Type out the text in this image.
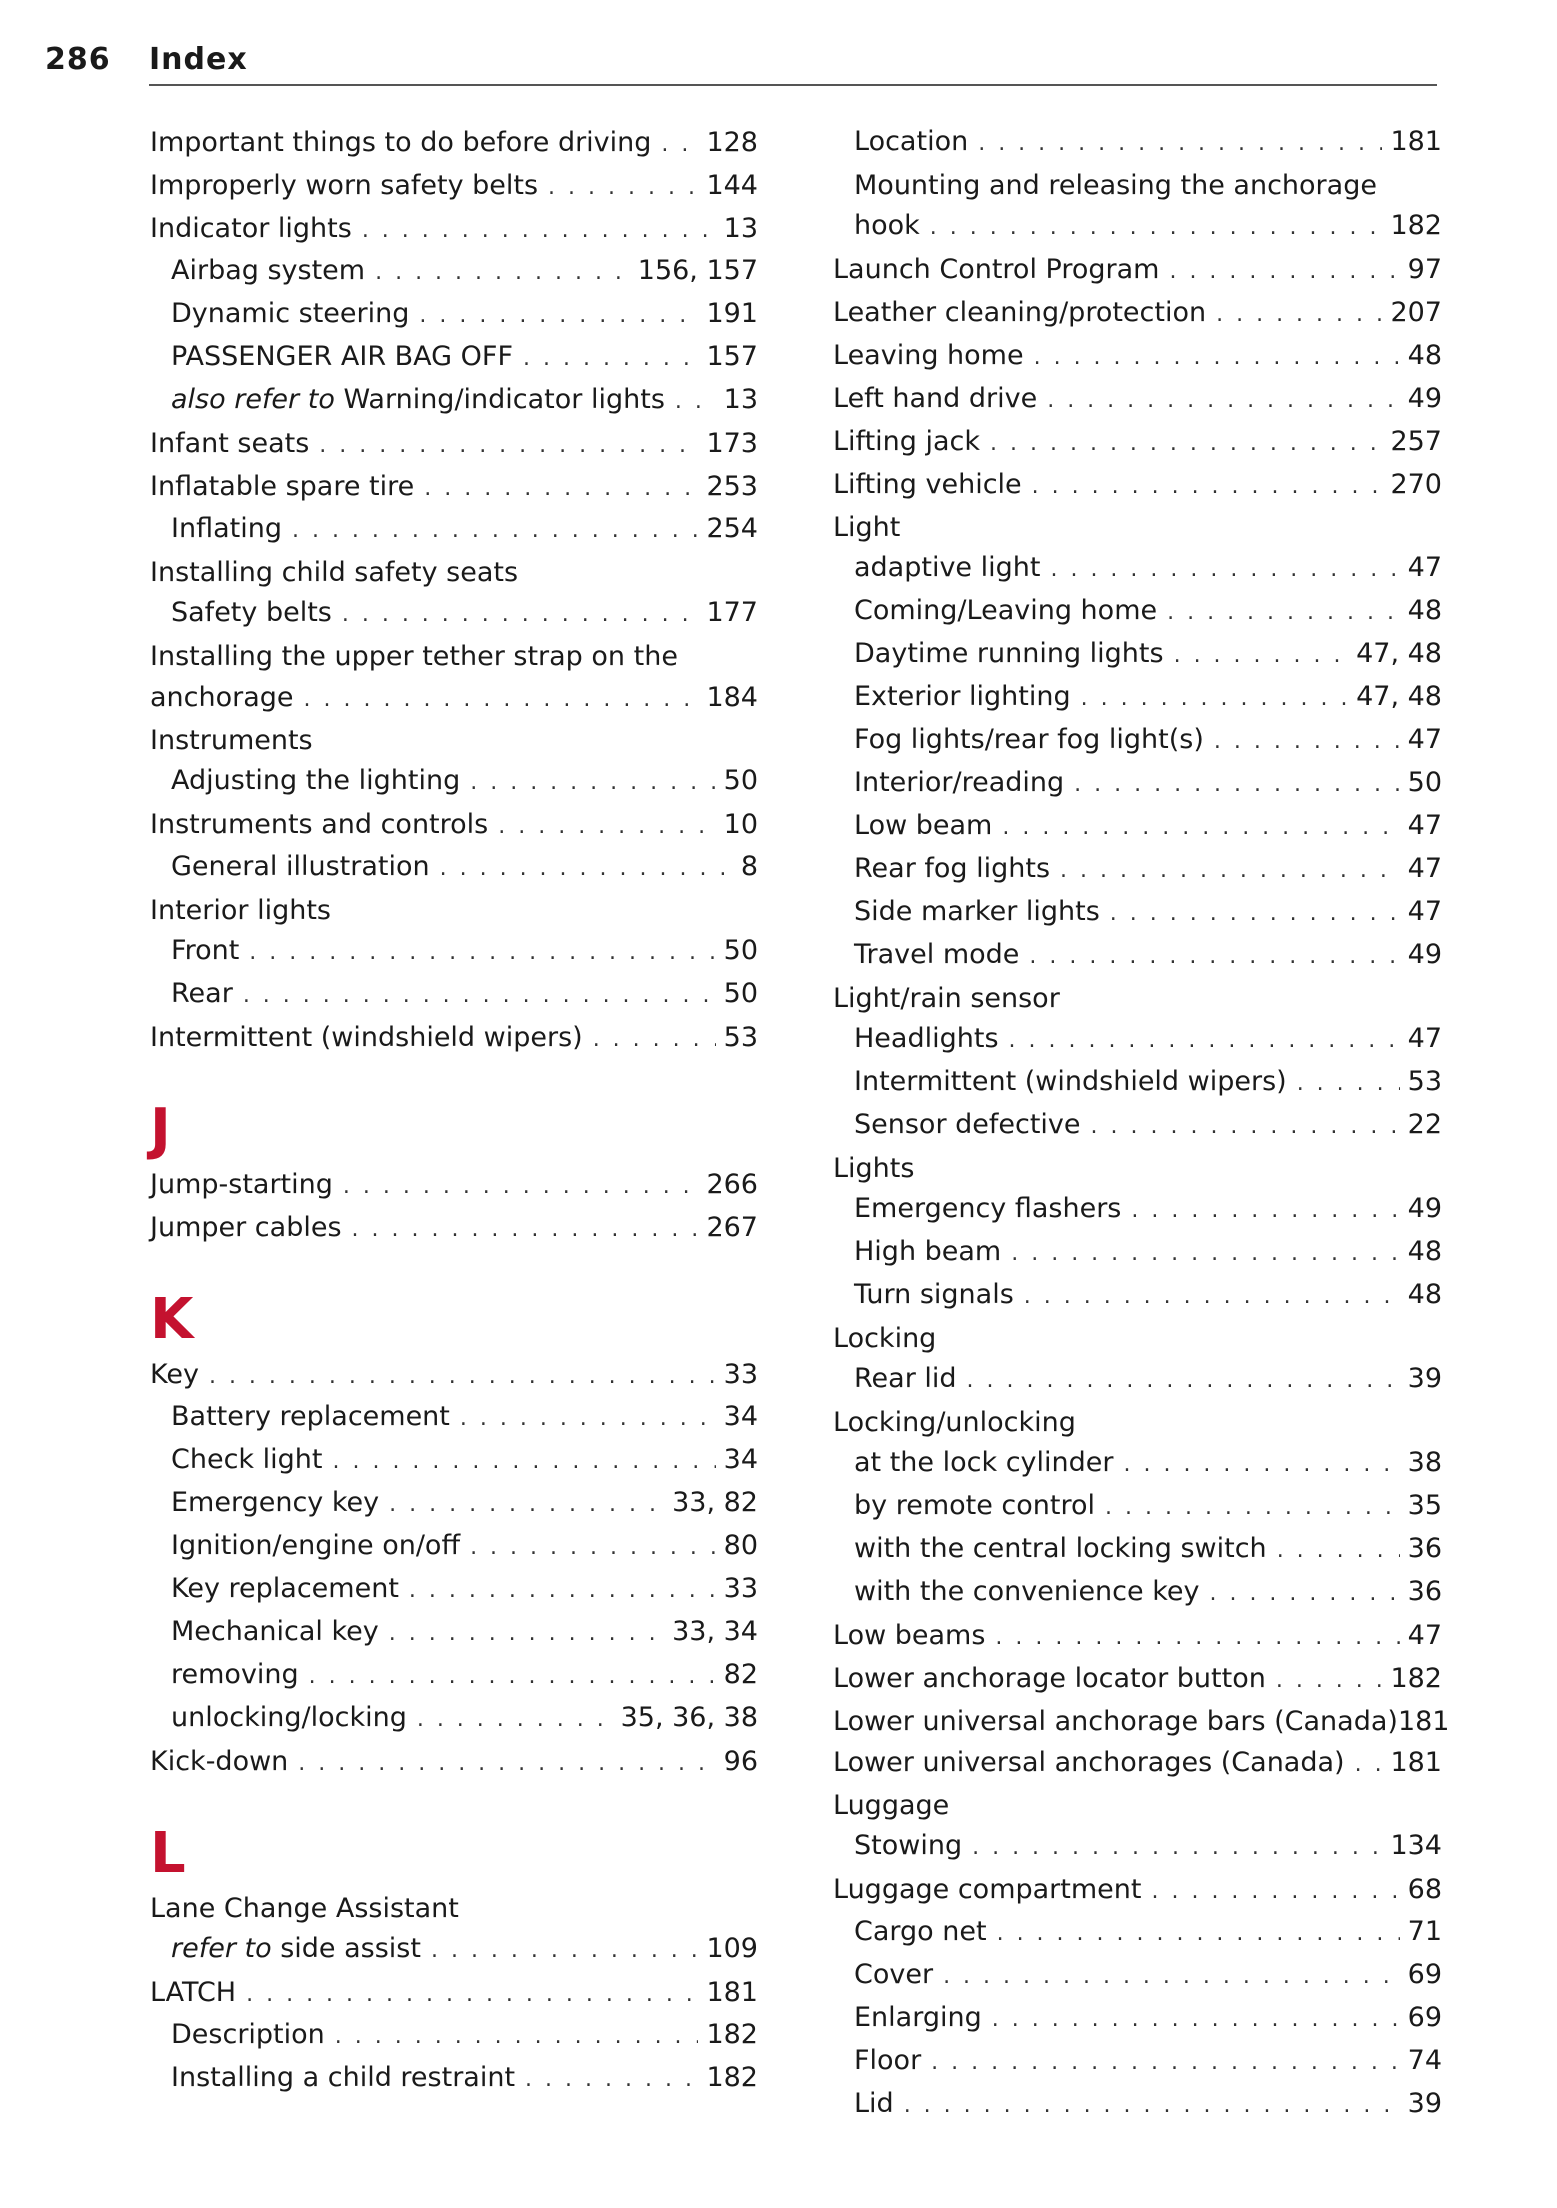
286 Index
Important things to do before driving . . . 128
Improperly worn safety belts . . .	144
Indicator lights . . .	13
Airbag system . . .	156, 157
Dynamic steering . . .	191
PASSENGER AIR BAG OFF . . .	157
also refer to Warning/indicator lights . . . 13
Infant seats . . .	173
Inflatable spare tire . . .	253
Inflating . . .	254
Installing child safety seats
Safety belts . . .	177
Installing the upper tether strap on the
anchorage . . .	184
Instruments
Adjusting the lighting . . .	50
Instruments and controls . . .	10
General illustration . . .	8
Interior lights
Front . . .	50
Rear . . .	50
Intermittent (windshield wipers) . . .	53
J
Jump-starting . . .	266
Jumper cables . . .	267
K
Key . . .	33
Battery replacement . . .	34
Check light . . .	34
Emergency key . . .	33, 82
Ignition/engine on/off . . .	80
Key replacement . . .	33
Mechanical key . . .	33, 34
removing . . .	82
unlocking/locking . . .	35, 36, 38
Kick-down . . .	96
L
Lane Change Assistant
refer to side assist . . .	109
LATCH . . .	181
Description . . .	182
Installing a child restraint . . .	182
Location . . .	181
Mounting and releasing the anchorage
hook . . .	182
Launch Control Program . . .	97
Leather cleaning/protection . . .	207
Leaving home . . .	48
Left hand drive . . .	49
Lifting jack . . .	257
Lifting vehicle . . .	270
Light
adaptive light . . .	47
Coming/Leaving home . . .	48
Daytime running lights . . .	47, 48
Exterior lighting . . .	47, 48
Fog lights/rear fog light(s) . . .	47
Interior/reading . . .	50
Low beam . . .	47
Rear fog lights . . .	47
Side marker lights . . .	47
Travel mode . . .	49
Light/rain sensor
Headlights . . .	47
Intermittent (windshield wipers) . . .	53
Sensor defective . . .	22
Lights
Emergency flashers . . .	49
High beam . . .	48
Turn signals . . .	48
Locking
Rear lid . . .	39
Locking/unlocking
at the lock cylinder . . .	38
by remote control . . .	35
with the central locking switch . . .	36
with the convenience key . . .	36
Low beams . . .	47
Lower anchorage locator button . . .	182
Lower universal anchorage bars (Canada) 181
Lower universal anchorages (Canada) . . . 181
Luggage
Stowing . . .	134
Luggage compartment . . .	68
Cargo net . . .	71
Cover . . .	69
Enlarging . . .	69
Floor . . .	74
Lid . . .	39
